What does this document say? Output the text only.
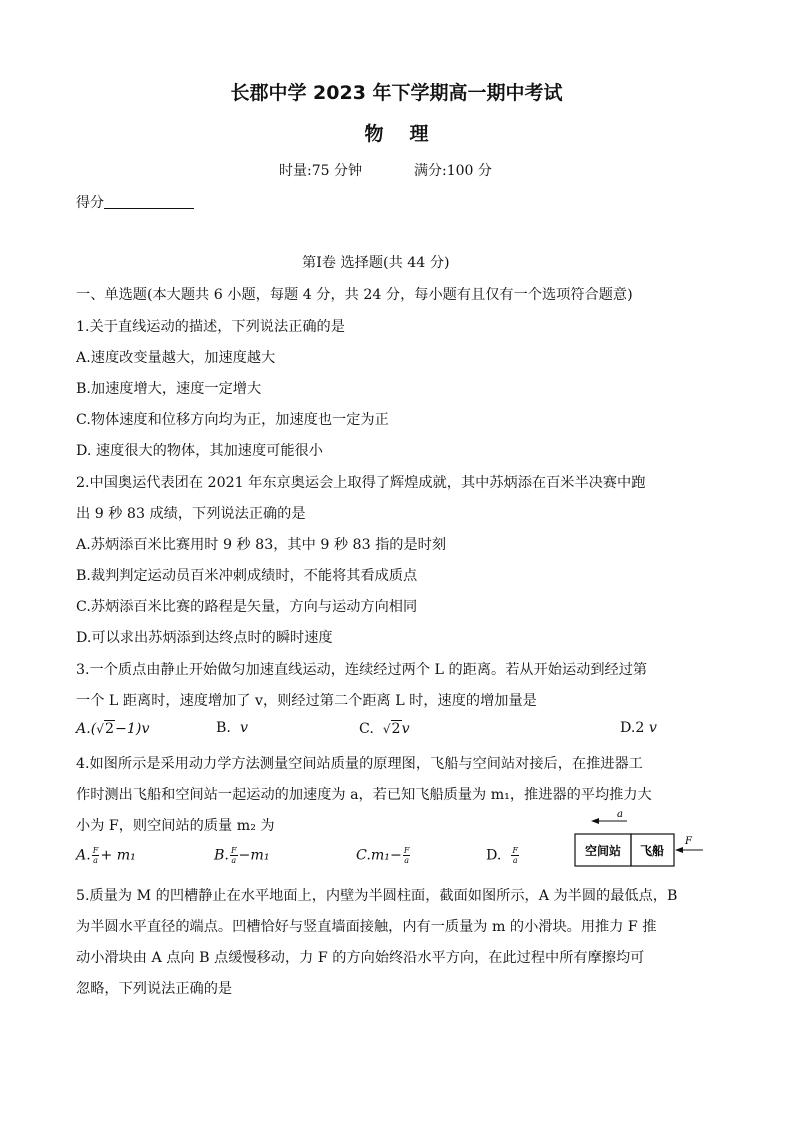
长郡中学 2023 年下学期高一期中考试
物 理
时量:75 分钟	满分:100 分
得分
第Ⅰ卷 选择题(共 44 分)
一、单选题(本大题共 6 小题，每题 4 分，共 24 分，每小题有且仅有一个选项符合题意)
1.关于直线运动的描述，下列说法正确的是
A.速度改变量越大，加速度越大
B.加速度增大，速度一定增大
C.物体速度和位移方向均为正，加速度也一定为正
D. 速度很大的物体，其加速度可能很小
2.中国奥运代表团在 2021 年东京奥运会上取得了辉煌成就，其中苏炳添在百米半决赛中跑
出 9 秒 83 成绩，下列说法正确的是
A.苏炳添百米比赛用时 9 秒 83，其中 9 秒 83 指的是时刻
B.裁判判定运动员百米冲刺成绩时，不能将其看成质点
C.苏炳添百米比赛的路程是矢量，方向与运动方向相同
D.可以求出苏炳添到达终点时的瞬时速度
3.一个质点由静止开始做匀加速直线运动，连续经过两个 L 的距离。若从开始运动到经过第
一个 L 距离时，速度增加了 v，则经过第二个距离 L 时，速度的增加量是
A.(√2−1)v	B. v	C. √2v	D.2 v
4.如图所示是采用动力学方法测量空间站质量的原理图，飞船与空间站对接后，在推进器工
作时测出飞船和空间站一起运动的加速度为 a，若已知飞船质量为 m₁，推进器的平均推力大
小为 F，则空间站的质量 m₂ 为
A. $\frac{F}{a} + m_1$	B. $\frac{F}{a} -m_1$	$C.m_1- \frac{F}{a}$	D. $\frac{F}{a}$
a
空间站 飞船
F
5.质量为 M 的凹槽静止在水平地面上，内壁为半圆柱面，截面如图所示，A 为半圆的最低点，B
为半圆水平直径的端点。凹槽恰好与竖直墙面接触，内有一质量为 m 的小滑块。用推力 F 推
动小滑块由 A 点向 B 点缓慢移动，力 F 的方向始终沿水平方向，在此过程中所有摩擦均可
忽略，下列说法正确的是
